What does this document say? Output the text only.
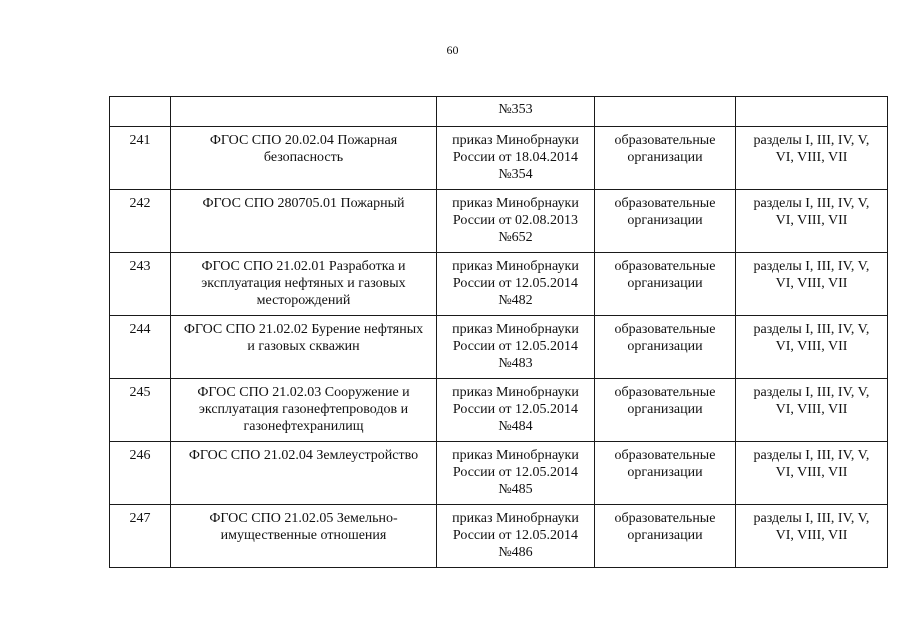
60

		№353		

241	ФГОС СПО 20.02.04 Пожарная
безопасность	приказ Минобрнауки
России от 18.04.2014
№354	образовательные
организации	разделы I, III, IV, V,
VI, VIII, VII

242	ФГОС СПО 280705.01 Пожарный	приказ Минобрнауки
России от 02.08.2013
№652	образовательные
организации	разделы I, III, IV, V,
VI, VIII, VII

243	ФГОС СПО 21.02.01 Разработка и
эксплуатация нефтяных и газовых
месторождений	приказ Минобрнауки
России от 12.05.2014
№482	образовательные
организации	разделы I, III, IV, V,
VI, VIII, VII

244	ФГОС СПО 21.02.02 Бурение нефтяных
и газовых скважин	приказ Минобрнауки
России от 12.05.2014
№483	образовательные
организации	разделы I, III, IV, V,
VI, VIII, VII

245	ФГОС СПО 21.02.03 Сооружение и
эксплуатация газонефтепроводов и
газонефтехранилищ	приказ Минобрнауки
России от 12.05.2014
№484	образовательные
организации	разделы I, III, IV, V,
VI, VIII, VII

246	ФГОС СПО 21.02.04 Землеустройство	приказ Минобрнауки
России от 12.05.2014
№485	образовательные
организации	разделы I, III, IV, V,
VI, VIII, VII

247	ФГОС СПО 21.02.05 Земельно-
имущественные отношения	приказ Минобрнауки
России от 12.05.2014
№486	образовательные
организации	разделы I, III, IV, V,
VI, VIII, VII
